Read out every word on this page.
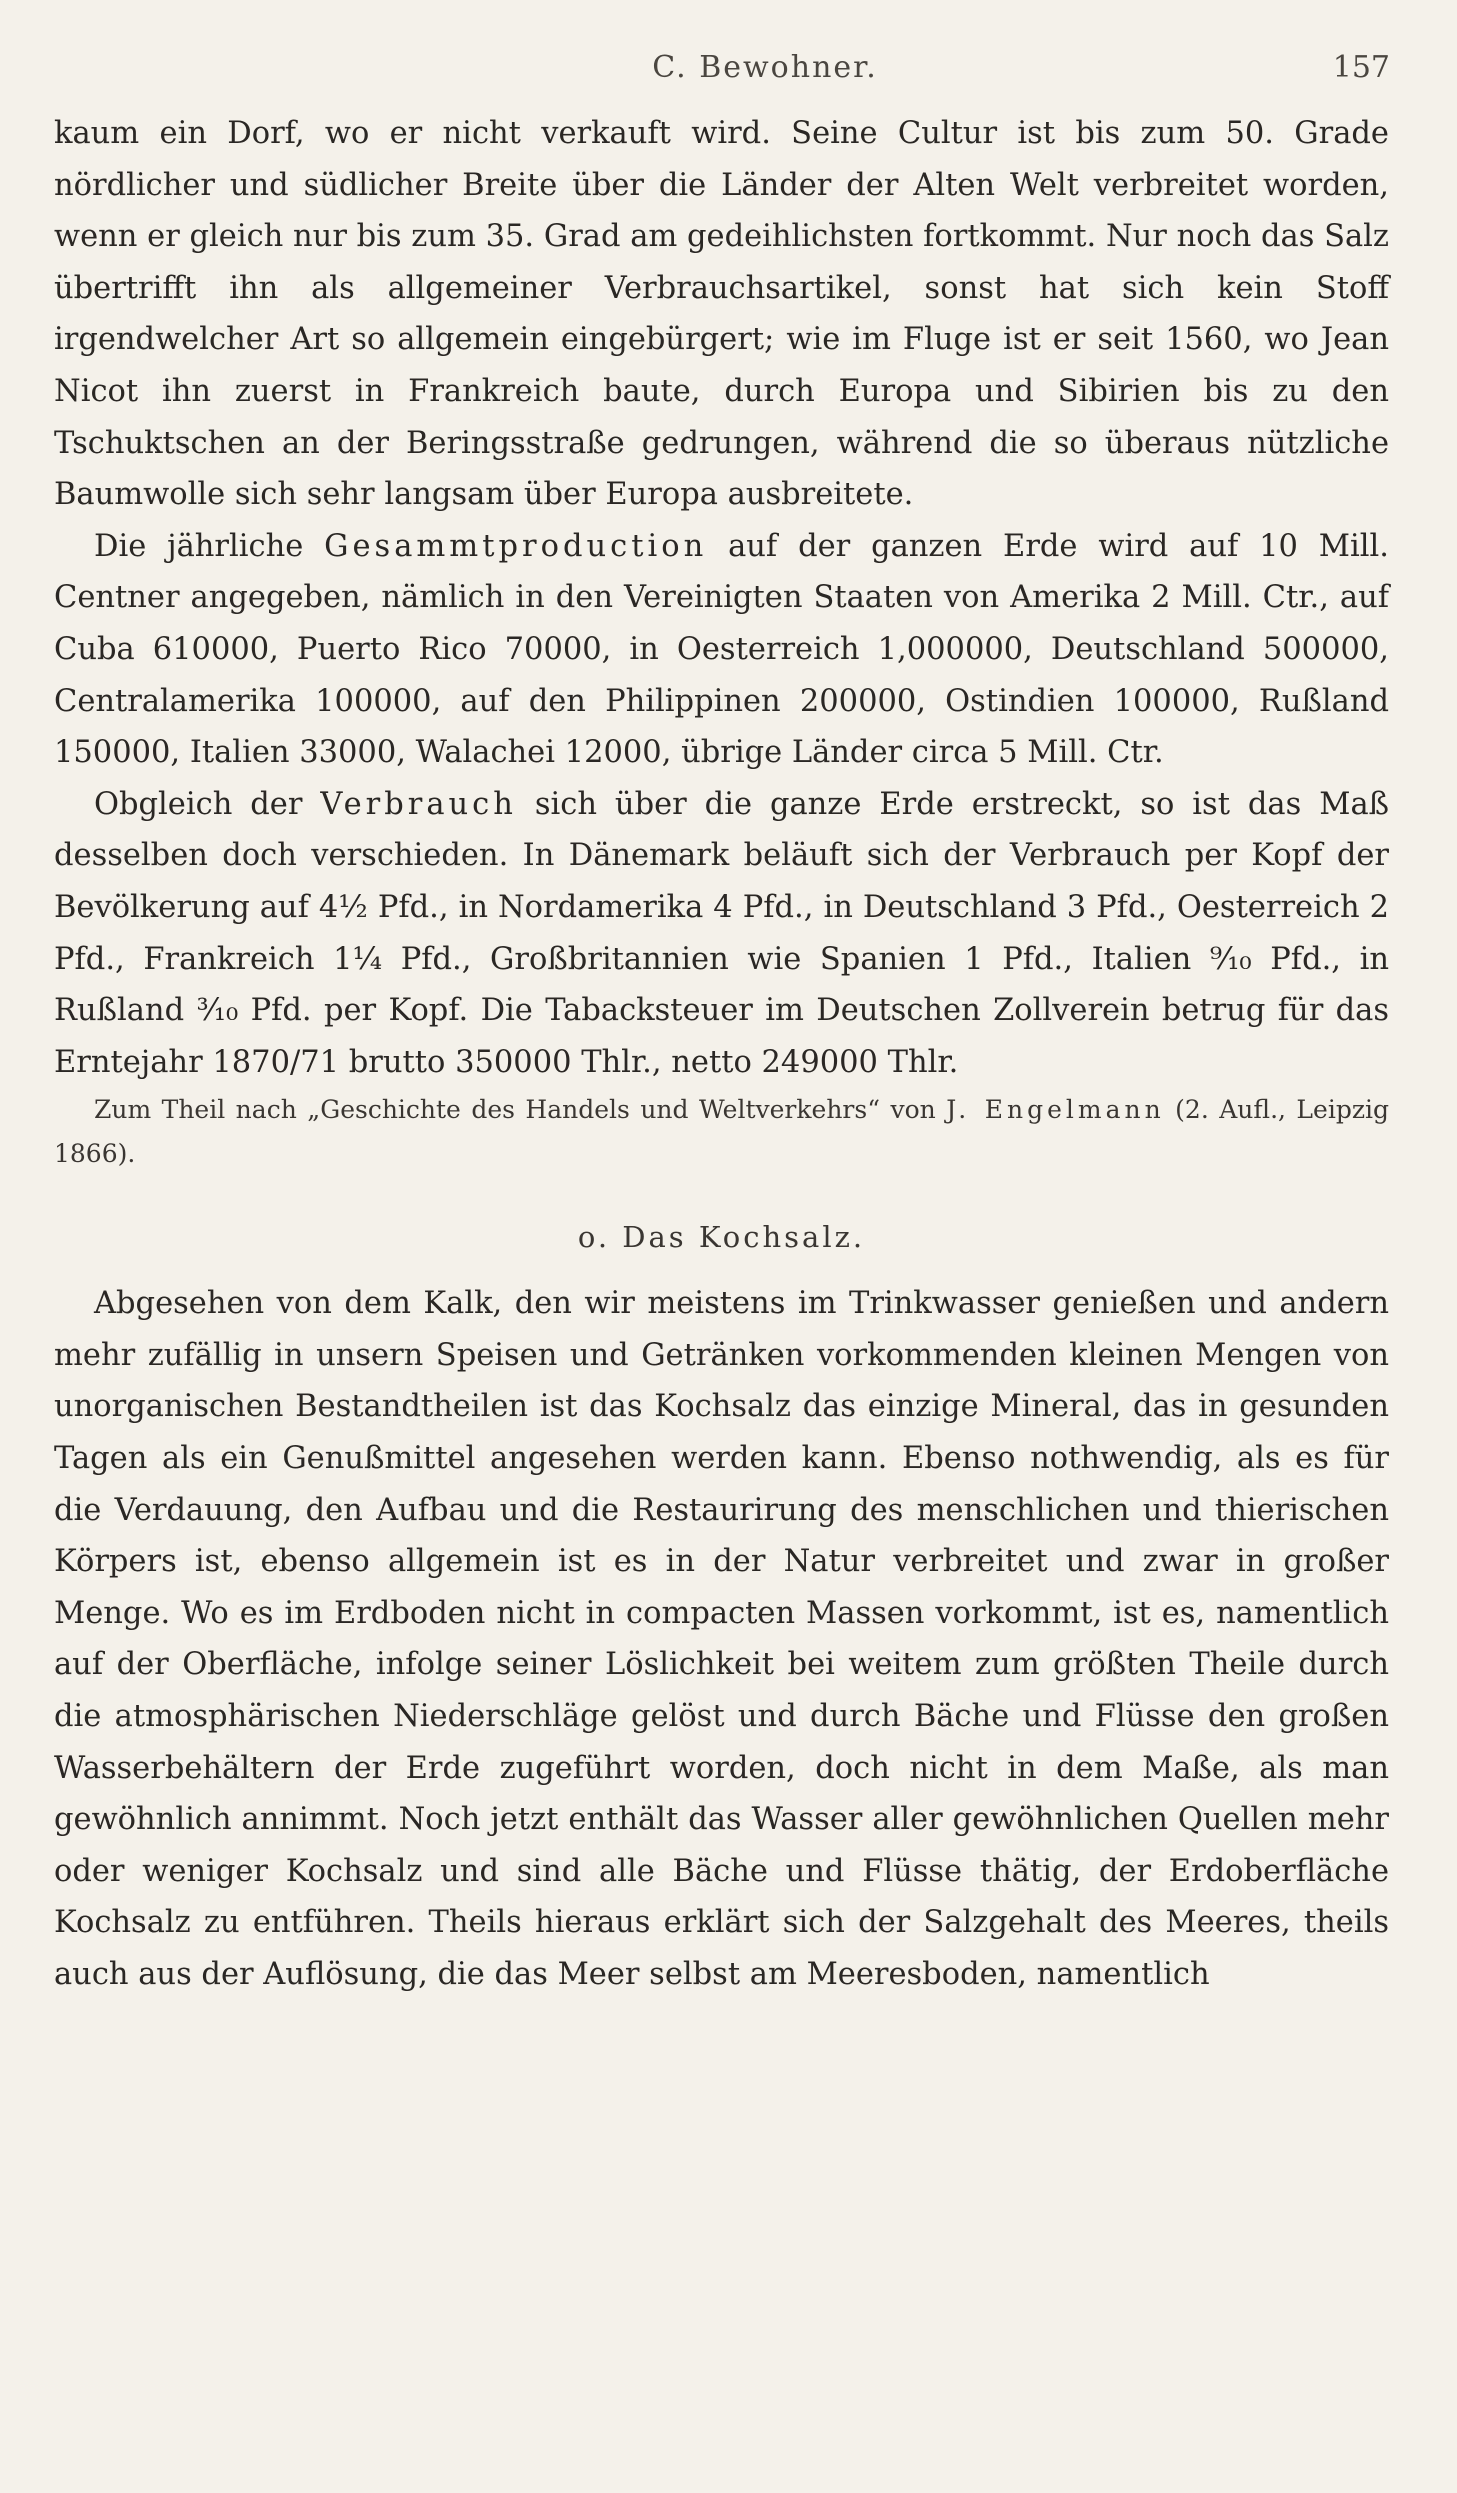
C. Bewohner.	157

kaum ein Dorf, wo er nicht verkauft wird. Seine Cultur ist bis zum 50. Grade nördlicher und südlicher Breite über die Länder der Alten Welt verbreitet worden, wenn er gleich nur bis zum 35. Grad am gedeihlichsten fortkommt. Nur noch das Salz übertrifft ihn als allgemeiner Verbrauchsartikel, sonst hat sich kein Stoff irgendwelcher Art so allgemein eingebürgert; wie im Fluge ist er seit 1560, wo Jean Nicot ihn zuerst in Frankreich baute, durch Europa und Sibirien bis zu den Tschuktschen an der Beringsstraße gedrungen, während die so überaus nützliche Baumwolle sich sehr langsam über Europa ausbreitete.

Die jährliche Gesammtproduction auf der ganzen Erde wird auf 10 Mill. Centner angegeben, nämlich in den Vereinigten Staaten von Amerika 2 Mill. Ctr., auf Cuba 610000, Puerto Rico 70000, in Oesterreich 1,000000, Deutschland 500000, Centralamerika 100000, auf den Philippinen 200000, Ostindien 100000, Rußland 150000, Italien 33000, Walachei 12000, übrige Länder circa 5 Mill. Ctr.

Obgleich der Verbrauch sich über die ganze Erde erstreckt, so ist das Maß desselben doch verschieden. In Dänemark beläuft sich der Verbrauch per Kopf der Bevölkerung auf 4½ Pfd., in Nordamerika 4 Pfd., in Deutschland 3 Pfd., Oesterreich 2 Pfd., Frankreich 1¼ Pfd., Großbritannien wie Spanien 1 Pfd., Italien ⁹⁄₁₀ Pfd., in Rußland ³⁄₁₀ Pfd. per Kopf. Die Tabacksteuer im Deutschen Zollverein betrug für das Erntejahr 1870/71 brutto 350000 Thlr., netto 249000 Thlr.

Zum Theil nach „Geschichte des Handels und Weltverkehrs“ von J. Engelmann (2. Aufl., Leipzig 1866).

o. Das Kochsalz.

Abgesehen von dem Kalk, den wir meistens im Trinkwasser genießen und andern mehr zufällig in unsern Speisen und Getränken vorkommenden kleinen Mengen von unorganischen Bestandtheilen ist das Kochsalz das einzige Mineral, das in gesunden Tagen als ein Genußmittel angesehen werden kann. Ebenso nothwendig, als es für die Verdauung, den Aufbau und die Restaurirung des menschlichen und thierischen Körpers ist, ebenso allgemein ist es in der Natur verbreitet und zwar in großer Menge. Wo es im Erdboden nicht in compacten Massen vorkommt, ist es, namentlich auf der Oberfläche, infolge seiner Löslichkeit bei weitem zum größten Theile durch die atmosphärischen Niederschläge gelöst und durch Bäche und Flüsse den großen Wasserbehältern der Erde zugeführt worden, doch nicht in dem Maße, als man gewöhnlich annimmt. Noch jetzt enthält das Wasser aller gewöhnlichen Quellen mehr oder weniger Kochsalz und sind alle Bäche und Flüsse thätig, der Erdoberfläche Kochsalz zu entführen. Theils hieraus erklärt sich der Salzgehalt des Meeres, theils auch aus der Auflösung, die das Meer selbst am Meeresboden, namentlich
